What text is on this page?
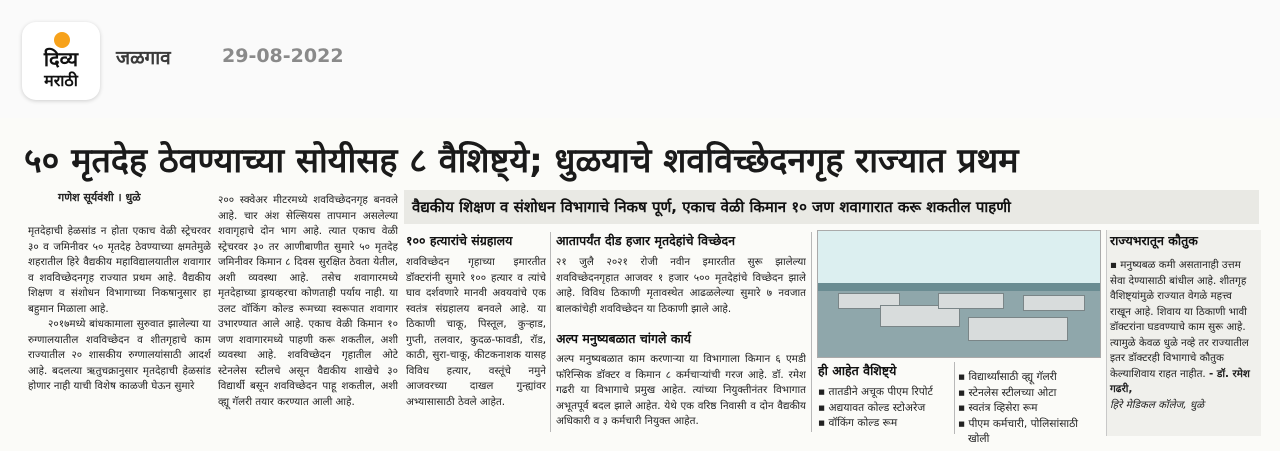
दिव्य
मराठी
जळगाव	29-08-2022
५० मृतदेह ठेवण्याच्या सोयीसह ८ वैशिष्ट्ये; धुळयाचे शवविच्छेदनगृह राज्यात प्रथम
गणेश सूर्यवंशी । धुळे

मृतदेहाची हेळसांड न होता एकाच वेळी स्ट्रेचरवर ३० व जमिनीवर ५० मृतदेह ठेवण्याच्या क्षमतेमुळे शहरातील हिरे वैद्यकीय महाविद्यालयातील शवागार व शवविच्छेदनगृह राज्यात प्रथम आहे. वैद्यकीय शिक्षण व संशोधन विभागाच्या निकषानुसार हा बहुमान मिळाला आहे.

२०१७मध्ये बांधकामाला सुरुवात झालेल्या या रुग्णालयातील शवविच्छेदन व शीतगृहाचे काम राज्यातील २० शासकीय रुग्णालयांसाठी आदर्श आहे. बदलत्या ऋतुचक्रानुसार मृतदेहाची हेळसांड होणार नाही याची विशेष काळजी घेऊन सुमारे

२०० स्क्वेअर मीटरमध्ये शवविच्छेदनगृह बनवले आहे. चार अंश सेल्सियस तापमान असलेल्या शवागृहाचे दोन भाग आहे. त्यात एकाच वेळी स्ट्रेचरवर ३० तर आणीबाणीत सुमारे ५० मृतदेह जमिनीवर किमान ८ दिवस सुरक्षित ठेवता येतील, अशी व्यवस्था आहे. तसेच शवागारमध्ये मृतदेहाच्या ड्रायव्हरचा कोणताही पर्याय नाही. या उलट वॉकिंग कोल्ड रूमच्या स्वरूपात शवागार उभारण्यात आले आहे. एकाच वेळी किमान १० जण शवागारमध्ये पाहणी करू शकतील, अशी व्यवस्था आहे. शवविच्छेदन गृहातील ओटे स्टेनलेस स्टीलचे असून वैद्यकीय शाखेचे ३० विद्यार्थी बसून शवविच्छेदन पाहू शकतील, अशी व्ह्यू गॅलरी तयार करण्यात आली आहे.

वैद्यकीय शिक्षण व संशोधन विभागाचे निकष पूर्ण, एकाच वेळी किमान १० जण शवागारात करू शकतील पाहणी
१०० हत्यारांचे संग्रहालय

शवविच्छेदन गृहाच्या इमारतीत डॉक्टरांनी सुमारे १०० हत्यार व त्यांचे घाव दर्शवणारे मानवी अवयवांचे एक स्वतंत्र संग्रहालय बनवले आहे. या ठिकाणी चाकू, पिस्तूल, कुऱ्हाड, गुप्ती, तलवार, कुदळ-फावडी, रॉड, काठी, सुरा-चाकू, कीटकनाशक यासह विविध हत्यार, वस्तूंचे नमुने आजवरच्या दाखल गुन्ह्यांवर अभ्यासासाठी ठेवले आहेत.

आतापर्यंत दीड हजार मृतदेहांचे विच्छेदन

२१ जुलै २०२१ रोजी नवीन इमारतीत सुरू झालेल्या शवविच्छेदनगृहात आजवर १ हजार ५०० मृतदेहांचे विच्छेदन झाले आहे. विविध ठिकाणी मृतावस्थेत आढळलेल्या सुमारे ७ नवजात बालकांचेही शवविच्छेदन या ठिकाणी झाले आहे.

अल्प मनुष्यबळात चांगले कार्य

अल्प मनुष्यबळात काम करणाऱ्या या विभागाला किमान ६ एमडी फॉरेन्सिक डॉक्टर व किमान ८ कर्मचाऱ्यांची गरज आहे. डॉ. रमेश गढरी या विभागाचे प्रमुख आहेत. त्यांच्या नियुक्तीनंतर विभागात अभूतपूर्व बदल झाले आहेत. येथे एक वरिष्ठ निवासी व दोन वैद्यकीय अधिकारी व ३ कर्मचारी नियुक्त आहेत.

ही आहेत वैशिष्ट्ये

▪ तातडीने अचूक पीएम रिपोर्ट

▪ अद्ययावत कोल्ड स्टोअरेज

▪ वॉकिंग कोल्ड रूम

▪ विद्यार्थ्यांसाठी व्ह्यू गॅलरी

▪ स्टेनलेस स्टीलच्या ओटा

▪ स्वतंत्र व्हिसेरा रूम

▪ पीएम कर्मचारी, पोलिसांसाठी

खोली

राज्यभरातून कौतुक

▪ मनुष्यबळ कमी असतानाही उत्तम सेवा देण्यासाठी बांधील आहे. शीतगृह वैशिष्ट्यांमुळे राज्यात वेगळे महत्त्व राखून आहे. शिवाय या ठिकाणी भावी डॉक्टरांना घडवण्याचे काम सुरू आहे. त्यामुळे केवळ धुळे नव्हे तर राज्यातील इतर डॉक्टरही विभागाचे कौतुक केल्याशिवाय राहत नाहीत. - डॉ. रमेश गढरी,

हिरे मेडिकल कॉलेज, धुळे
